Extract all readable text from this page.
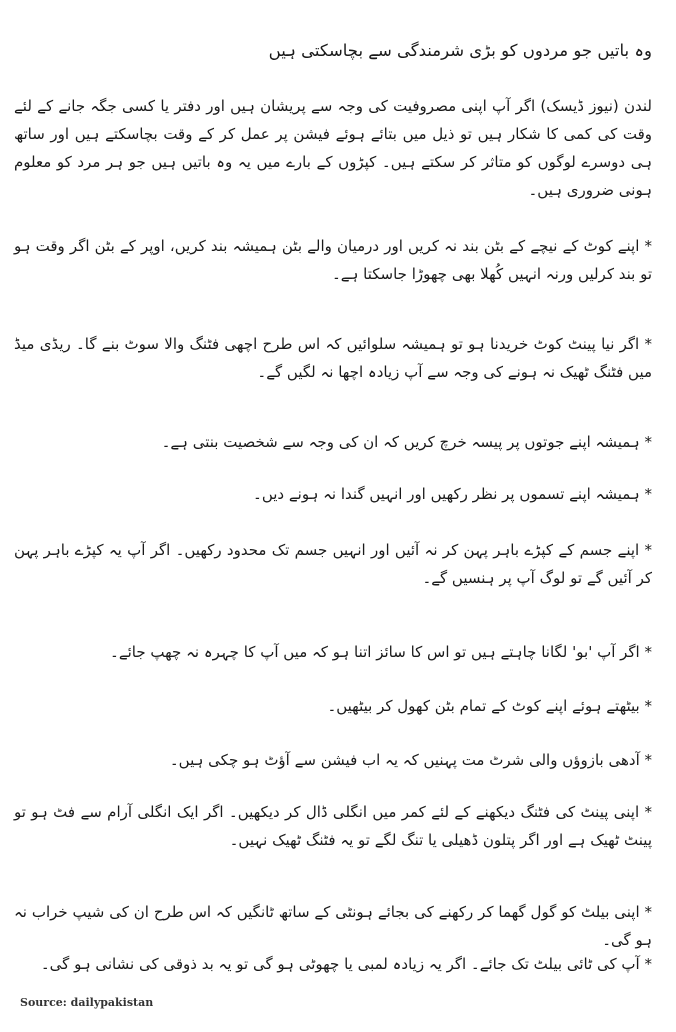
وہ باتیں جو مردوں کو بڑی شرمندگی سے بچاسکتی ہیں

لندن (نیوز ڈیسک) اگر آپ اپنی مصروفیت کی وجہ سے پریشان ہیں اور دفتر یا کسی جگہ جانے کے لئے وقت کی کمی کا شکار ہیں تو ذیل میں بتائے ہوئے فیشن پر عمل کر کے وقت بچاسکتے ہیں اور ساتھ ہی دوسرے لوگوں کو متاثر کر سکتے ہیں۔ کپڑوں کے بارے میں یہ وہ باتیں ہیں جو ہر مرد کو معلوم ہونی ضروری ہیں۔

* اپنے کوٹ کے نیچے کے بٹن بند نہ کریں اور درمیان والے بٹن ہمیشہ بند کریں، اوپر کے بٹن اگر وقت ہو تو بند کرلیں ورنہ انہیں کُھلا بھی چھوڑا جاسکتا ہے۔

* اگر نیا پینٹ کوٹ خریدنا ہو تو ہمیشہ سلوائیں کہ اس طرح اچھی فٹنگ والا سوٹ بنے گا۔ ریڈی میڈ میں فٹنگ ٹھیک نہ ہونے کی وجہ سے آپ زیادہ اچھا نہ لگیں گے۔

* ہمیشہ اپنے جوتوں پر پیسہ خرچ کریں کہ ان کی وجہ سے شخصیت بنتی ہے۔

* ہمیشہ اپنے تسموں پر نظر رکھیں اور انہیں گندا نہ ہونے دیں۔

* اپنے جسم کے کپڑے باہر پہن کر نہ آئیں اور انہیں جسم تک محدود رکھیں۔ اگر آپ یہ کپڑے باہر پہن کر آئیں گے تو لوگ آپ پر ہنسیں گے۔

* اگر آپ 'بو' لگانا چاہتے ہیں تو اس کا سائز اتنا ہو کہ میں آپ کا چہرہ نہ چھپ جائے۔

* بیٹھتے ہوئے اپنے کوٹ کے تمام بٹن کھول کر بیٹھیں۔

* آدھی بازوؤں والی شرٹ مت پہنیں کہ یہ اب فیشن سے آؤٹ ہو چکی ہیں۔

* اپنی پینٹ کی فٹنگ دیکھنے کے لئے کمر میں انگلی ڈال کر دیکھیں۔ اگر ایک انگلی آرام سے فٹ ہو تو پینٹ ٹھیک ہے اور اگر پتلون ڈھیلی یا تنگ لگے تو یہ فٹنگ ٹھیک نہیں۔

* اپنی بیلٹ کو گول گھما کر رکھنے کی بجائے ہونٹی کے ساتھ ٹانگیں کہ اس طرح ان کی شیپ خراب نہ ہو گی۔

* آپ کی ٹائی بیلٹ تک جائے۔ اگر یہ زیادہ لمبی یا چھوٹی ہو گی تو یہ بد ذوقی کی نشانی ہو گی۔

Source: dailypakistan
